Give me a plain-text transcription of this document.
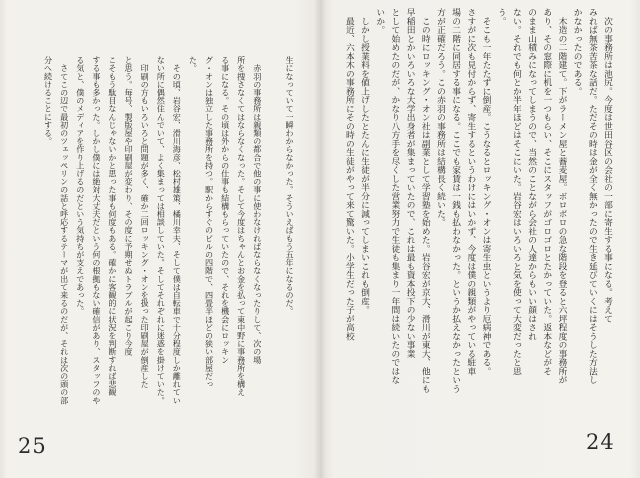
生になっていて一瞬わからなかった。そういえばもう五年になるのだ。
　赤羽の事務所は親類の都合で他の事に使わなければならなくなったりして、次の場
所を捜さなくてはならなくなった。そして今度はちゃんとお金を払って東中野に事務所を構え
る事になる。その頃は外からの仕事も結構もらっていたので、それを機会にロッキン
グ・オンは独立した事務所を持つ。駅からすぐのビルの四階で、四畳半ほどの狭い部屋だっ
た。
　その頃、岩谷宏、滑川海彦、松村雄策、橘川幸夫、そして僕は自転車で十分程度しか離れてい
ない所に偶然住んでいて、よく集まっては相談していた。そしてそれぞれに迷惑を掛けていた。
　印刷の方もいろいろと問題が多く、確か二回ロッキング・オンを扱った印刷屋が倒産した
と思う。毎号、製版屋や印刷屋が変わり、その度に予期せぬトラブルが起こり今度
こそもう駄目なんじゃないかと思った事も何度もある。確かに客観的に状況を判断すれば悲観
する事も多かった。しかし僕には絶対大丈夫だという何の根拠もない確信があり、スタッフのや
る気と、僕のメディアを作り上げるのだという気持ちが支えであった。
　さてこの辺で最初のツェッペリンの話と呼応するテーマが出て来るのだが、それは次の頭の部
分へ続けることにする。
25
　次の事務所は池尻。今度は世田谷区の会社の一部に寄生する事になる。考えて
みれば無茶苦茶な話だ。ただその時は金が全く無かったので生き延びていくにはそうした方法し
かなかったのである。
　木造の二階建て。下がラーメン屋と蕎麦屋。ボロボロの急な階段を登ると六坪程度の事務所が
あり、その窓際に机を一つもらい、そこにスタッフがゴロゴロとたかっていた。返本などがそ
のまま山積みになってしまうので、当然のことながら会社の人達からもいい顔はされ
ない。それでも何とか半年ほどはそこにいた。岩谷宏はいろいろと気を使って大変だったと思
う。
　そこも一年たたずに倒産。こうなるとロッキング・オンは寄生虫というより厄病神である。
さすがに次も見付からず、寄生するというわけにはいかず、今度は僕の親類がやっている駐車
場の二階に同居する事になる。ここでも家賃は一銭も払わなかった。というか払えなかったという
方が正確だろう。この赤羽の事務所は結構長く続いた。
　この時にロッキング・オン社は副業として学習塾を始めた。岩谷宏が京大、滑川が東大、他にも
早稲田とかいろいろな大学出身者が集まっていたので、これは最も資本投下の少ない事業
として始めたのだが、かなり八方手を尽くした営業努力で生徒も集まり一年間は続いたのではな
いか。
　しかし授業料を値上げしたとたんに生徒が半分に減ってしまいこれも倒産。
　最近、六本木の事務所にその時の生徒がやって来て驚いた。小学生だった子が高校
24
